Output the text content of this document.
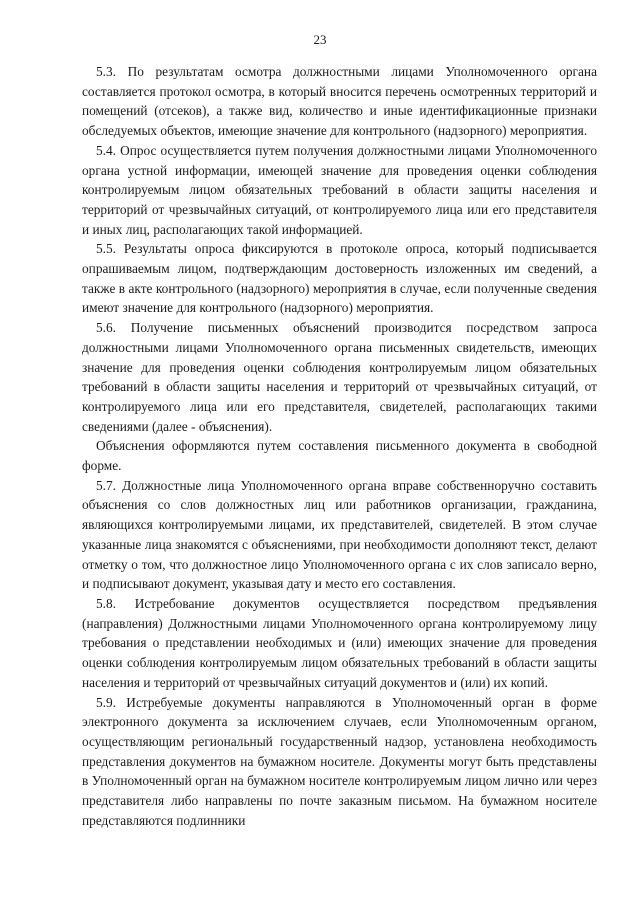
23

5.3. По результатам осмотра должностными лицами Уполномоченного органа составляется протокол осмотра, в который вносится перечень осмотренных территорий и помещений (отсеков), а также вид, количество и иные идентификационные признаки обследуемых объектов, имеющие значение для контрольного (надзорного) мероприятия.

5.4. Опрос осуществляется путем получения должностными лицами Уполномоченного органа устной информации, имеющей значение для проведения оценки соблюдения контролируемым лицом обязательных требований в области защиты населения и территорий от чрезвычайных ситуаций, от контролируемого лица или его представителя и иных лиц, располагающих такой информацией.

5.5. Результаты опроса фиксируются в протоколе опроса, который подписывается опрашиваемым лицом, подтверждающим достоверность изложенных им сведений, а также в акте контрольного (надзорного) мероприятия в случае, если полученные сведения имеют значение для контрольного (надзорного) мероприятия.

5.6. Получение письменных объяснений производится посредством запроса должностными лицами Уполномоченного органа письменных свидетельств, имеющих значение для проведения оценки соблюдения контролируемым лицом обязательных требований в области защиты населения и территорий от чрезвычайных ситуаций, от контролируемого лица или его представителя, свидетелей, располагающих такими сведениями (далее - объяснения).

Объяснения оформляются путем составления письменного документа в свободной форме.

5.7. Должностные лица Уполномоченного органа вправе собственноручно составить объяснения со слов должностных лиц или работников организации, гражданина, являющихся контролируемыми лицами, их представителей, свидетелей. В этом случае указанные лица знакомятся с объяснениями, при необходимости дополняют текст, делают отметку о том, что должностное лицо Уполномоченного органа с их слов записало верно, и подписывают документ, указывая дату и место его составления.

5.8. Истребование документов осуществляется посредством предъявления (направления) Должностными лицами Уполномоченного органа контролируемому лицу требования о представлении необходимых и (или) имеющих значение для проведения оценки соблюдения контролируемым лицом обязательных требований в области защиты населения и территорий от чрезвычайных ситуаций документов и (или) их копий.

5.9. Истребуемые документы направляются в Уполномоченный орган в форме электронного документа за исключением случаев, если Уполномоченным органом, осуществляющим региональный государственный надзор, установлена необходимость представления документов на бумажном носителе. Документы могут быть представлены в Уполномоченный орган на бумажном носителе контролируемым лицом лично или через представителя либо направлены по почте заказным письмом. На бумажном носителе представляются подлинники
